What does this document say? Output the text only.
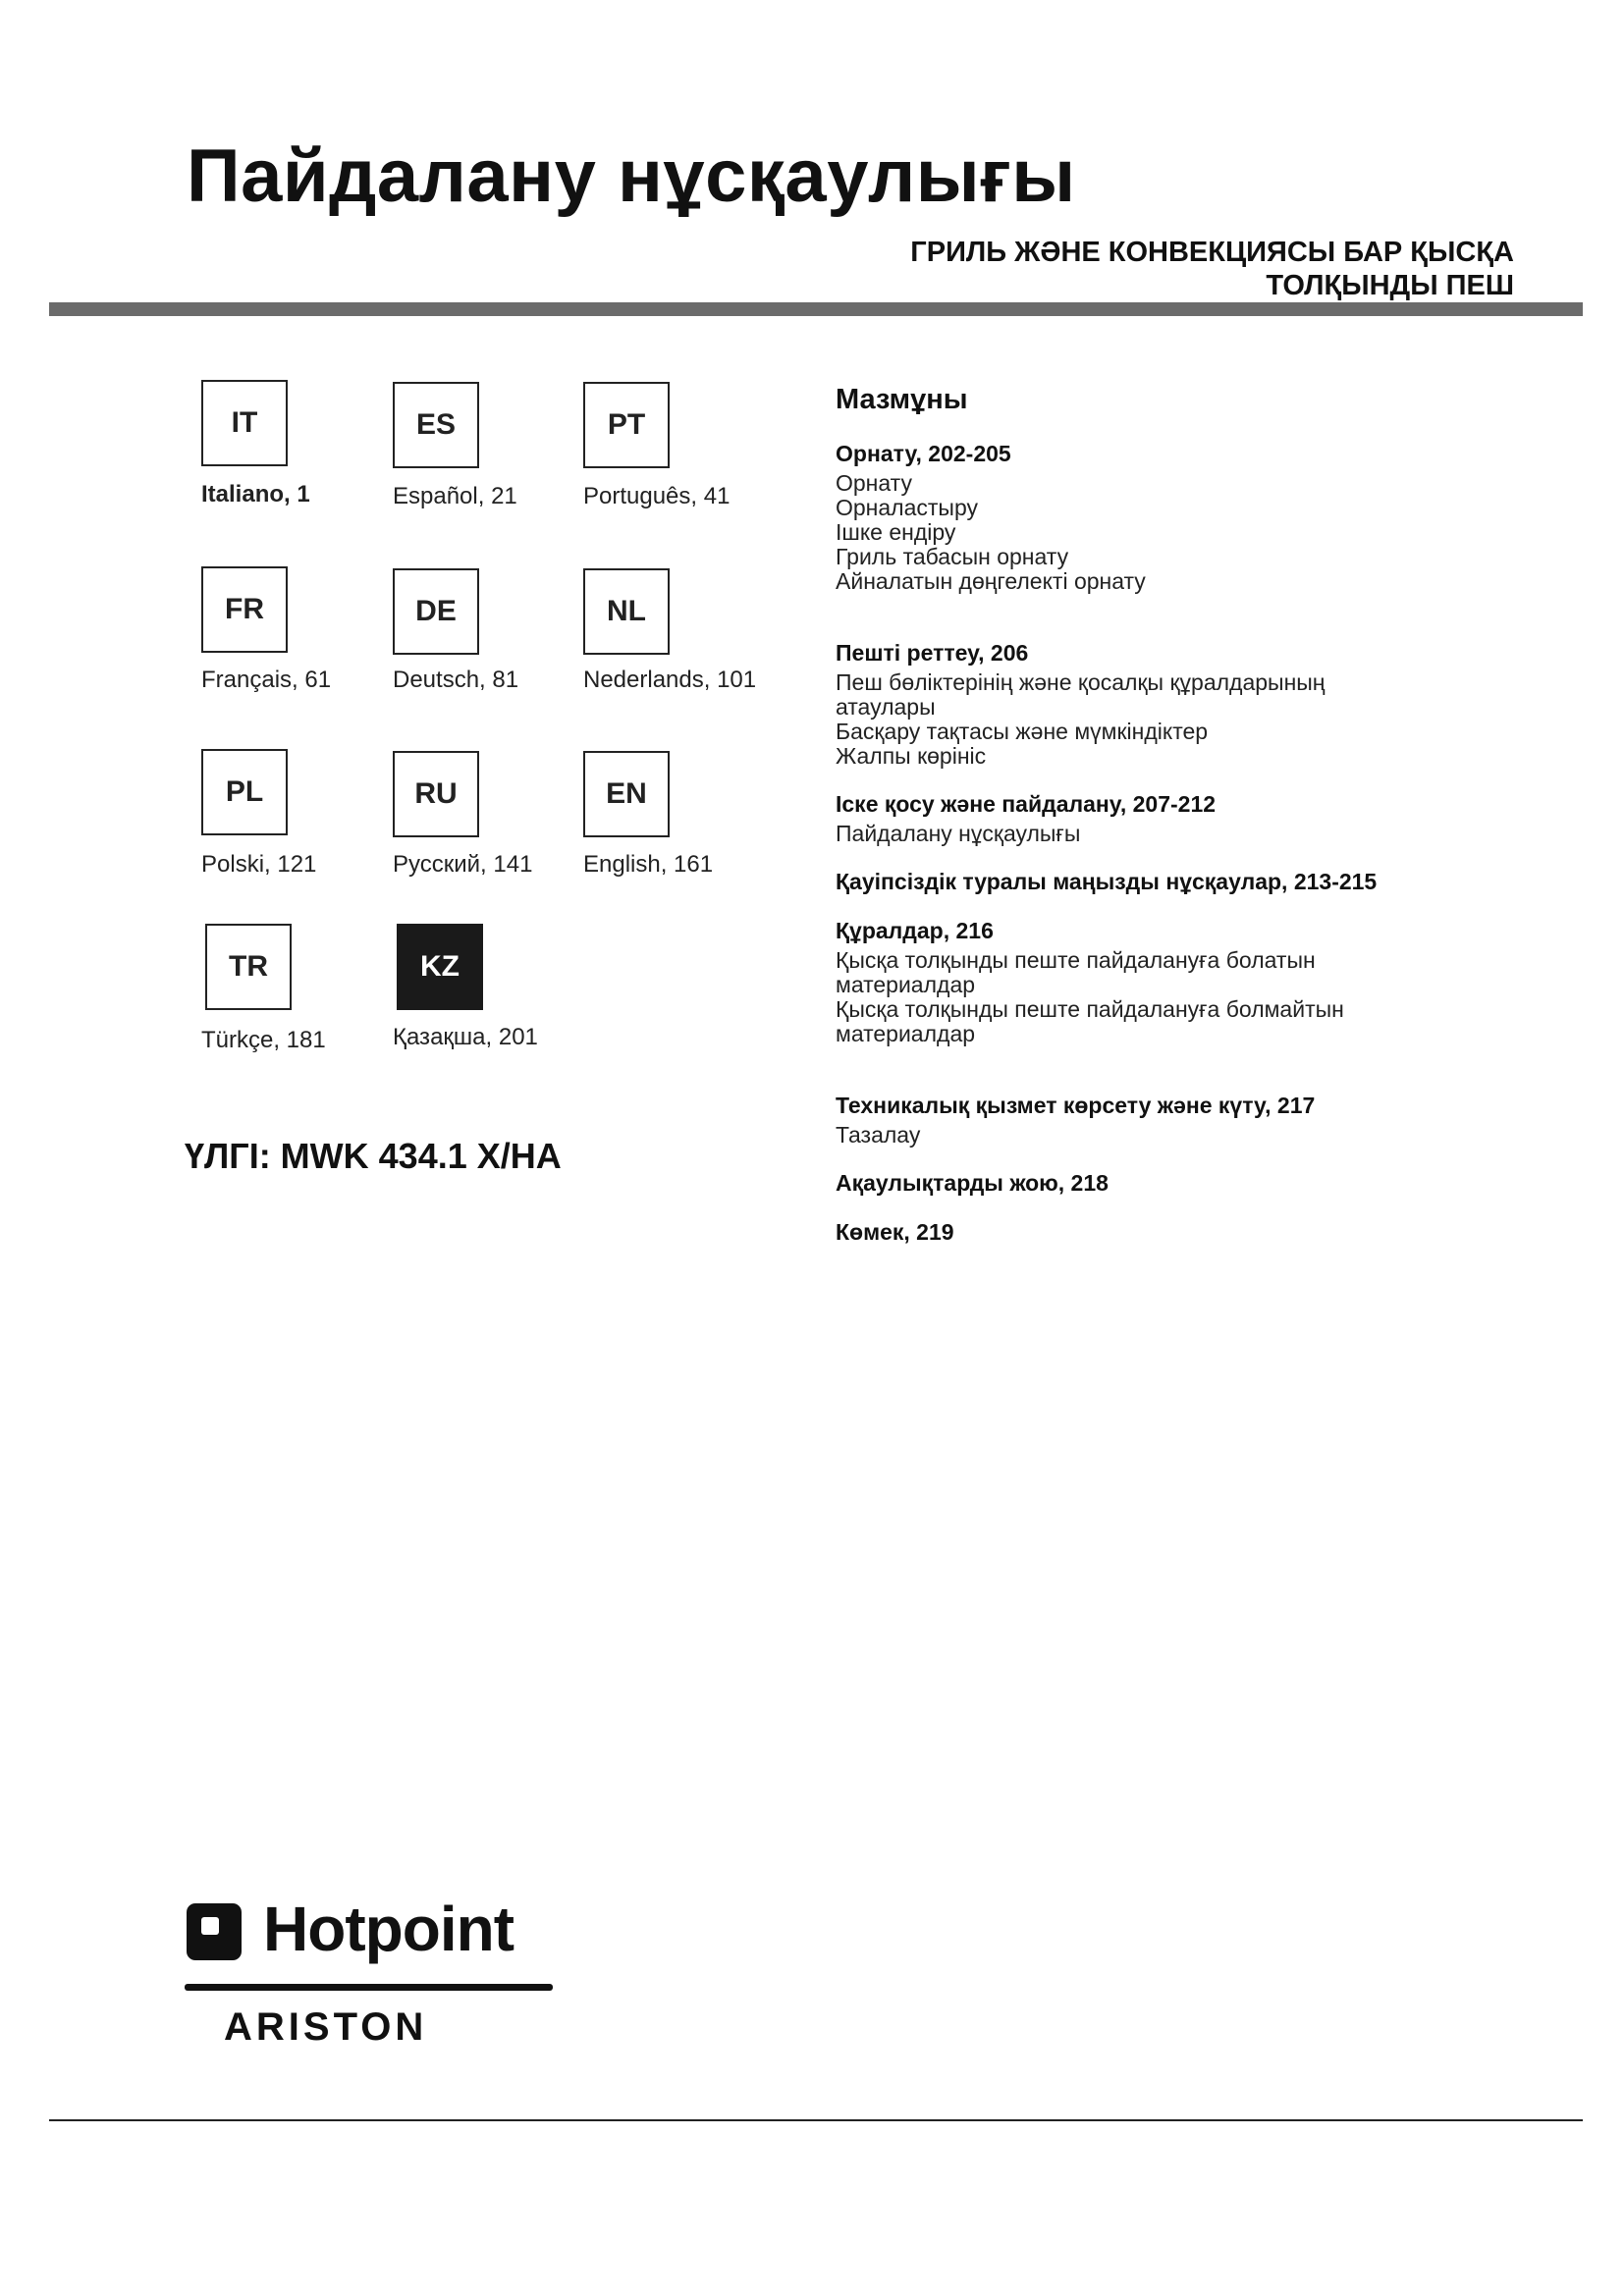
Пайдалану нұсқаулығы
ГРИЛЬ ЖӘНЕ КОНВЕКЦИЯСЫ БАР ҚЫСҚА
ТОЛҚЫНДЫ ПЕШ
IT
Italiano, 1
ES
Español, 21
PT
Português, 41
FR
Français, 61
DE
Deutsch, 81
NL
Nederlands, 101
PL
Polski, 121
RU
Русский, 141
EN
English, 161
TR
Türkçe, 181
KZ
Қазақша, 201
ҮЛГІ: MWK 434.1 X/HA
Мазмұны
Орнату, 202-205
Орнату
Орналастыру
Ішке ендіру
Гриль табасын орнату
Айналатын дөңгелекті орнату
Пешті реттеу, 206
Пеш бөліктерінің және қосалқы құралдарының
атаулары
Басқару тақтасы және мүмкіндіктер
Жалпы көрініс
Іске қосу және пайдалану, 207-212
Пайдалану нұсқаулығы
Қауіпсіздік туралы маңызды нұсқаулар, 213-215
Құралдар, 216
Қысқа толқынды пеште пайдалануға болатын
материалдар
Қысқа толқынды пеште пайдалануға болмайтын
материалдар
Техникалық қызмет көрсету және күту, 217
Тазалау
Ақаулықтарды жою, 218
Көмек, 219
Hotpoint
ARISTON
